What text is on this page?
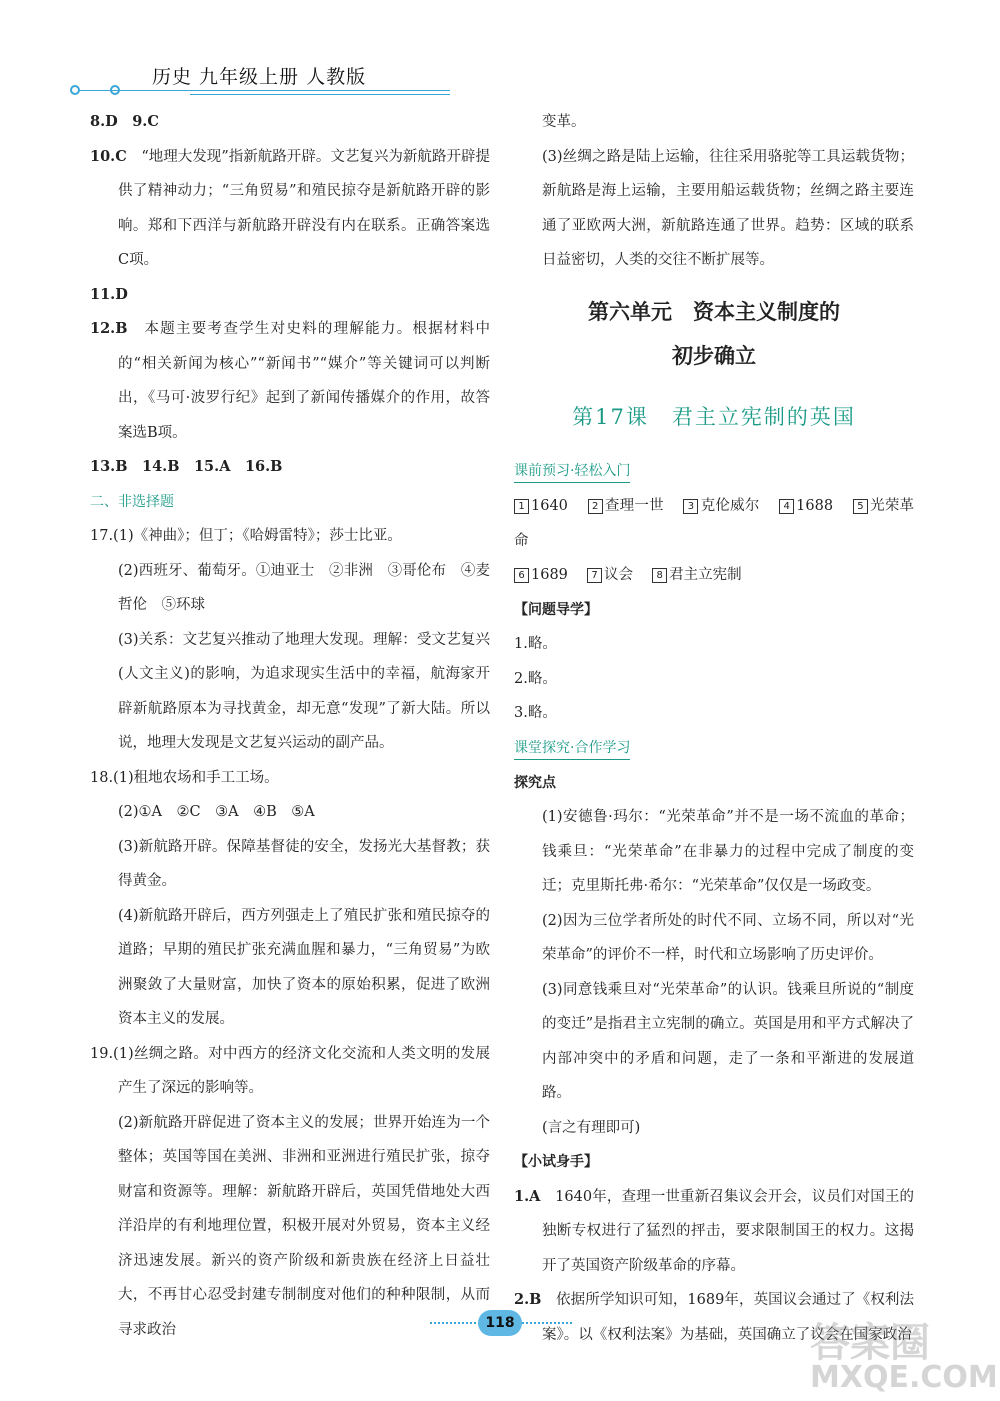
历史 九年级上册 人教版

8.D　9.C

10.C　 “地理大发现”指新航路开辟。文艺复兴为新航路开辟提供了精神动力；“三角贸易”和殖民掠夺是新航路开辟的影响。郑和下西洋与新航路开辟没有内在联系。正确答案选C项。

11.D

12.B　 本题主要考查学生对史料的理解能力。根据材料中的“相关新闻为核心”“新闻书”“媒介”等关键词可以判断出，《马可·波罗行纪》起到了新闻传播媒介的作用，故答案选B项。

13.B　14.B　15.A　16.B

二、非选择题

17.(1)《神曲》；但丁；《哈姆雷特》；莎士比亚。

(2)西班牙、葡萄牙。①迪亚士　②非洲　③哥伦布　④麦哲伦　⑤环球

(3)关系：文艺复兴推动了地理大发现。理解：受文艺复兴(人文主义)的影响，为追求现实生活中的幸福，航海家开辟新航路原本为寻找黄金，却无意“发现”了新大陆。所以说，地理大发现是文艺复兴运动的副产品。

18.(1)租地农场和手工工场。

(2)①A　②C　③A　④B　⑤A

(3)新航路开辟。保障基督徒的安全，发扬光大基督教；获得黄金。

(4)新航路开辟后，西方列强走上了殖民扩张和殖民掠夺的道路；早期的殖民扩张充满血腥和暴力，“三角贸易”为欧洲聚敛了大量财富，加快了资本的原始积累，促进了欧洲资本主义的发展。

19.(1)丝绸之路。对中西方的经济文化交流和人类文明的发展产生了深远的影响等。

(2)新航路开辟促进了资本主义的发展；世界开始连为一个整体；英国等国在美洲、非洲和亚洲进行殖民扩张，掠夺财富和资源等。理解：新航路开辟后，英国凭借地处大西洋沿岸的有利地理位置，积极开展对外贸易，资本主义经济迅速发展。新兴的资产阶级和新贵族在经济上日益壮大，不再甘心忍受封建专制制度对他们的种种限制，从而寻求政治

变革。

(3)丝绸之路是陆上运输，往往采用骆驼等工具运载货物；新航路是海上运输，主要用船运载货物；丝绸之路主要连通了亚欧两大洲，新航路连通了世界。趋势：区域的联系日益密切，人类的交往不断扩展等。

第六单元　资本主义制度的
初步确立
第17课　君主立宪制的英国
课前预习·轻松入门

1 1640　 2 查理一世　 3 克伦威尔　 4 1688　 5 光荣革命

6 1689　 7 议会　 8 君主立宪制

【问题导学】

1.略。

2.略。

3.略。

课堂探究·合作学习

探究点

(1)安德鲁·玛尔：“光荣革命”并不是一场不流血的革命；钱乘旦：“光荣革命”在非暴力的过程中完成了制度的变迁；克里斯托弗·希尔：“光荣革命”仅仅是一场政变。

(2)因为三位学者所处的时代不同、立场不同，所以对“光荣革命”的评价不一样，时代和立场影响了历史评价。

(3)同意钱乘旦对“光荣革命”的认识。钱乘旦所说的“制度的变迁”是指君主立宪制的确立。英国是用和平方式解决了内部冲突中的矛盾和问题，走了一条和平渐进的发展道路。

(言之有理即可)

【小试身手】

1.A　 1640年，查理一世重新召集议会开会，议员们对国王的独断专权进行了猛烈的抨击，要求限制国王的权力。这揭开了英国资产阶级革命的序幕。

2.B　 依据所学知识可知，1689年，英国议会通过了《权利法案》。以《权利法案》为基础，英国确立了议会在国家政治

118	答案圈
MXQE.COM
